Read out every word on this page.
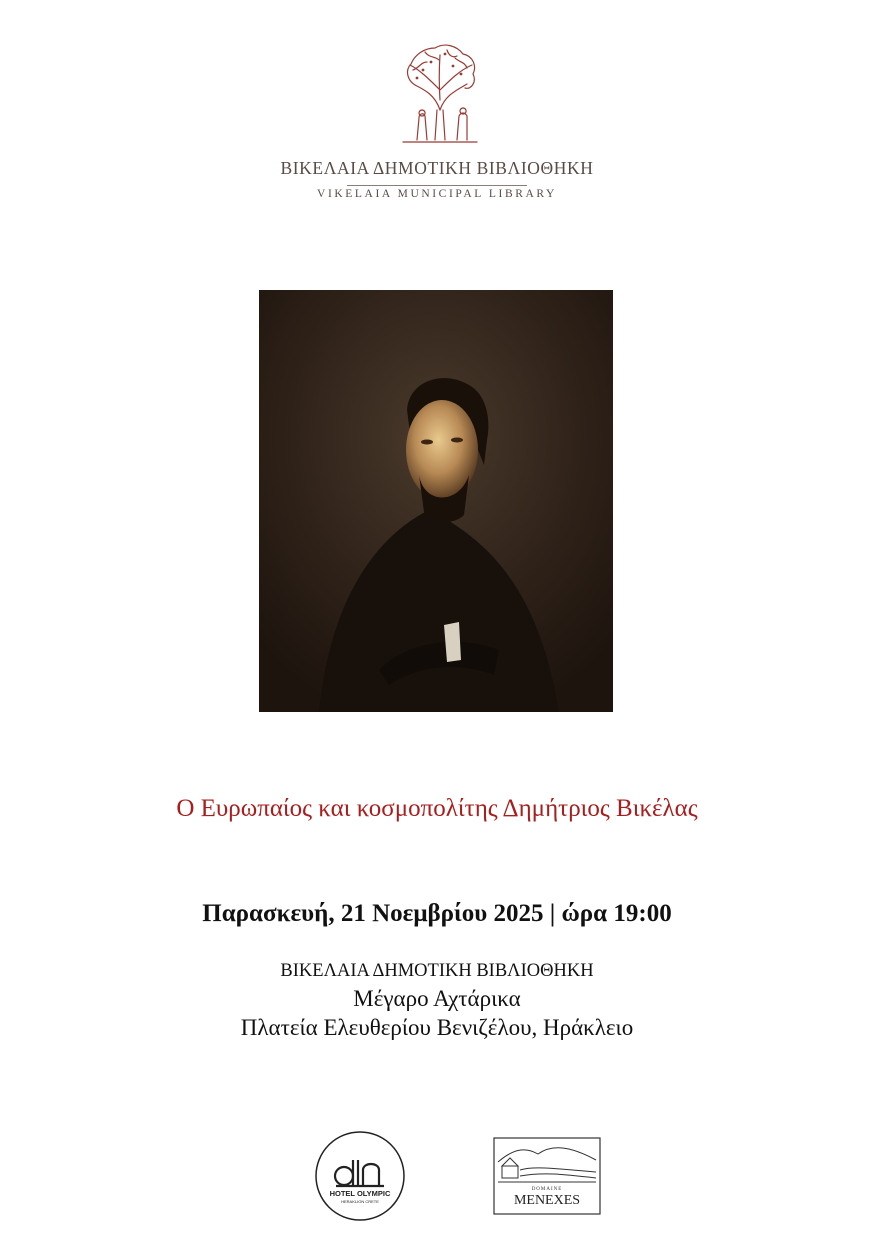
ΒΙΚΕΛΑΙΑ ΔΗΜΟΤΙΚΗ ΒΙΒΛΙΟΘΗΚΗ
VIKELAIA MUNICIPAL LIBRARY
Ο Ευρωπαίος και κοσμοπολίτης Δημήτριος Βικέλας
Παρασκευή, 21 Νοεμβρίου 2025 | ώρα 19:00
ΒΙΚΕΛΑΙΑ ΔΗΜΟΤΙΚΗ ΒΙΒΛΙΟΘΗΚΗ
Μέγαρο Αχτάρικα
Πλατεία Ελευθερίου Βενιζέλου, Ηράκλειο
HOTEL OLYMPIC
HERAKLION CRETE
DOMAINE
MENEXES
